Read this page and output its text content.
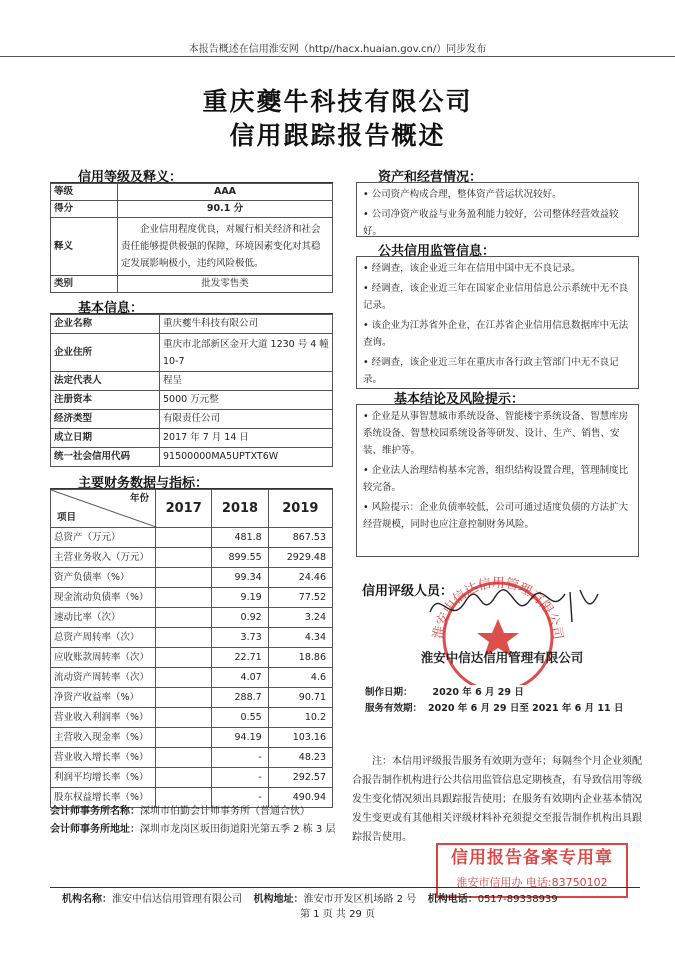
本报告概述在信用淮安网（http//hacx.huaian.gov.cn/）同步发布
重庆夔牛科技有限公司
信用跟踪报告概述
信用等级及释义：
等级	AAA
得分	90.1 分
释义	企业信用程度优良，对履行相关经济和社会责任能够提供极强的保障，环境因素变化对其稳定发展影响极小，违约风险极低。
类别	批发零售类
基本信息：
企业名称	重庆夔牛科技有限公司
企业住所	重庆市北部新区金开大道 1230 号 4 幢 10-7
法定代表人	程呈
注册资本	5000 万元整
经济类型	有限责任公司
成立日期	2017 年 7 月 14 日
统一社会信用代码	91500000MA5UPTXT6W
主要财务数据与指标：
年份
项目	2017	2018	2019
总资产（万元）		481.8	867.53
主营业务收入（万元）		899.55	2929.48
资产负债率（%）		99.34	24.46
现金流动负债率（%）		9.19	77.52
速动比率（次）		0.92	3.24
总资产周转率（次）		3.73	4.34
应收账款周转率（次）		22.71	18.86
流动资产周转率（次）		4.07	4.6
净资产收益率（%）		288.7	90.71
营业收入利润率（%）		0.55	10.2
主营收入现金率（%）		94.19	103.16
营业收入增长率（%）		-	48.23
利润平均增长率（%）		-	292.57
股东权益增长率（%）		-	490.94
会计师事务所名称：深圳市伯勤会计师事务所（普通合伙）
会计师事务所地址： 深圳市龙岗区坂田街道阳光第五季 2 栋 3 层
资产和经营情况：

• 公司资产构成合理，整体资产营运状况较好。

• 公司净资产收益与业务盈利能力较好，公司整体经营效益较好。

公共信用监管信息：

• 经调查，该企业近三年在信用中国中无不良记录。

• 经调查，该企业近三年在国家企业信用信息公示系统中无不良记录。

• 该企业为江苏省外企业，在江苏省企业信用信息数据库中无法查询。

• 经调查，该企业近三年在重庆市各行政主管部门中无不良记录。

基本结论及风险提示：

• 企业是从事智慧城市系统设备、智能楼宇系统设备、智慧库房系统设备、智慧校园系统设备等研发、设计、生产、销售、安装、维护等。

• 企业法人治理结构基本完善，组织结构设置合理，管理制度比较完备。

• 风险提示：企业负债率较低，公司可通过适度负债的方法扩大经营规模，同时也应注意控制财务风险。

信用评级人员：
淮安中信达信用管理有限公司
淮安中信达信用管理有限公司
制作日期： 2020 年 6 月 29 日
服务有效期： 2020 年 6 月 29 日至 2021 年 6 月 11 日
注：本信用评级报告服务有效期为壹年；每隔叁个月企业须配合报告制作机构进行公共信用监管信息定期核查，有导致信用等级发生变化情况须出具跟踪报告使用；在服务有效期内企业基本情况发生变更或有其他相关评级材料补充须提交至报告制作机构出具跟踪报告使用。
信用报告备案专用章
淮安市信用办 电话:83750102
机构名称：淮安中信达信用管理有限公司 机构地址：淮安市开发区机场路 2 号 机构电话：0517-89338939
第 1 页 共 29 页
